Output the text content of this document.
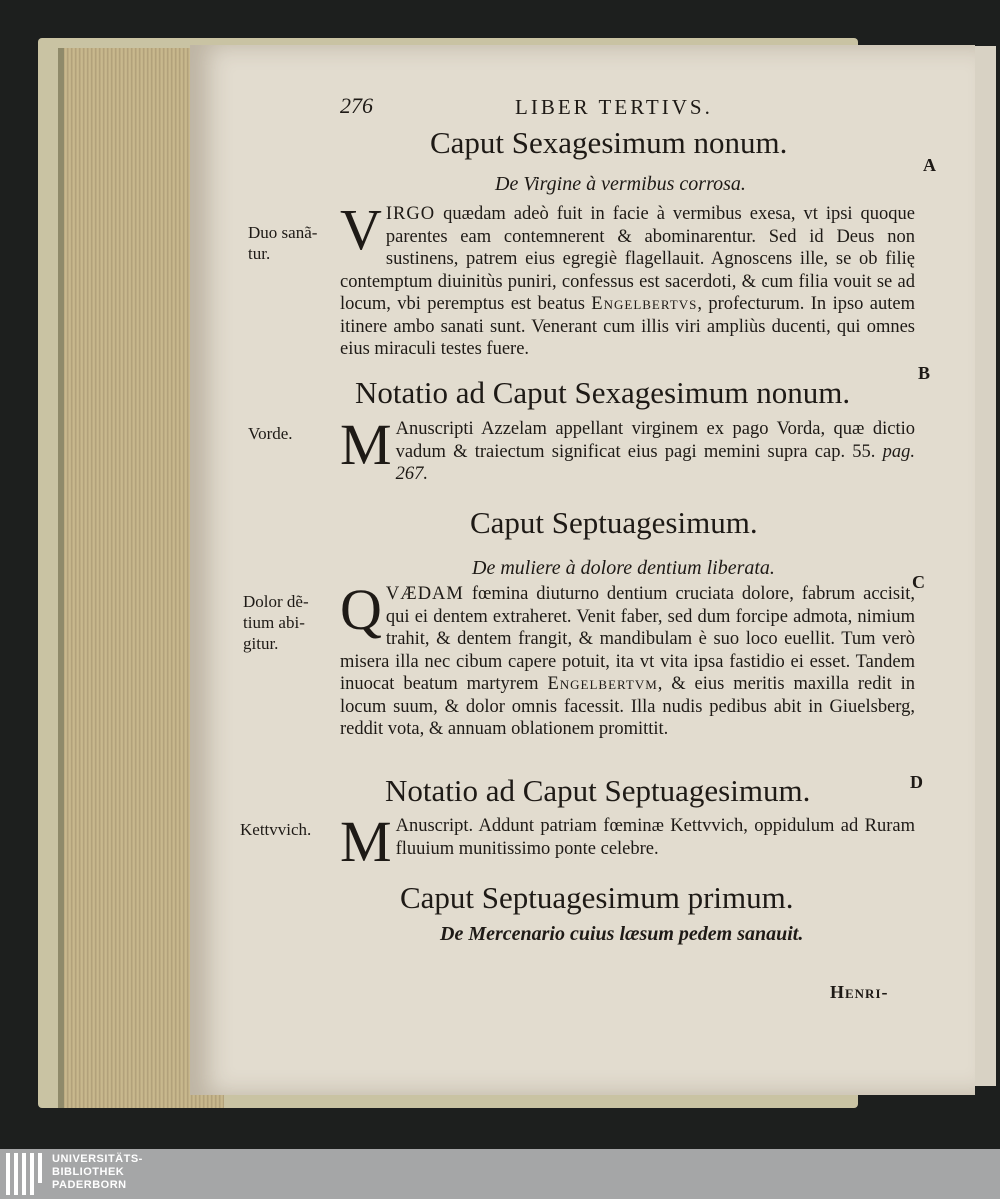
276	LIBER TERTIVS.
Caput Sexagesimum nonum.
De Virgine à vermibus corrosa.
A
Duo sanã-tur.	VIRGO quædam adeò fuit in facie à vermibus exesa, vt ipsi quoque parentes eam contemnerent & abominarentur. Sed id Deus non sustinens, patrem eius egregiè flagellauit. Agnoscens ille, se ob filię contemptum diuinitùs puniri, confessus est sacerdoti, & cum filia vouit se ad locum, vbi peremptus est beatus Engelbertvs, profecturum. In ipso autem itinere ambo sanati sunt. Venerant cum illis viri ampliùs ducenti, qui omnes eius miraculi testes fuere.
B
Notatio ad Caput Sexagesimum nonum.
Vorde. M Anuscripti Azzelam appellant virginem ex pago Vorda, quæ dictio vadum & traiectum significat eius pagi memini supra cap. 55. pag. 267.
Caput Septuagesimum.
De muliere à dolore dentium liberata.
C
Dolor dẽ-tium abi-gitur.
QVÆDAM fœmina diuturno dentium cruciata dolore, fabrum accisit, qui ei dentem extraheret. Venit faber, sed dum forcipe admota, nimium trahit, & dentem frangit, & mandibulam è suo loco euellit. Tum verò misera illa nec cibum capere potuit, ita vt vita ipsa fastidio ei esset. Tandem inuocat beatum martyrem Engelbertvm, & eius meritis maxilla redit in locum suum, & dolor omnis facessit. Illa nudis pedibus abit in Giuelsberg, reddit vota, & annuam oblationem promittit.
D
Notatio ad Caput Septuagesimum.
Kettvvich. M Anuscript. Addunt patriam fœminæ Kettvvich, oppidulum ad Ruram fluuium munitissimo ponte celebre.
Caput Septuagesimum primum.
De Mercenario cuius læsum pedem sanauit.
Henri-
UNIVERSITÄTS-
BIBLIOTHEK
PADERBORN
